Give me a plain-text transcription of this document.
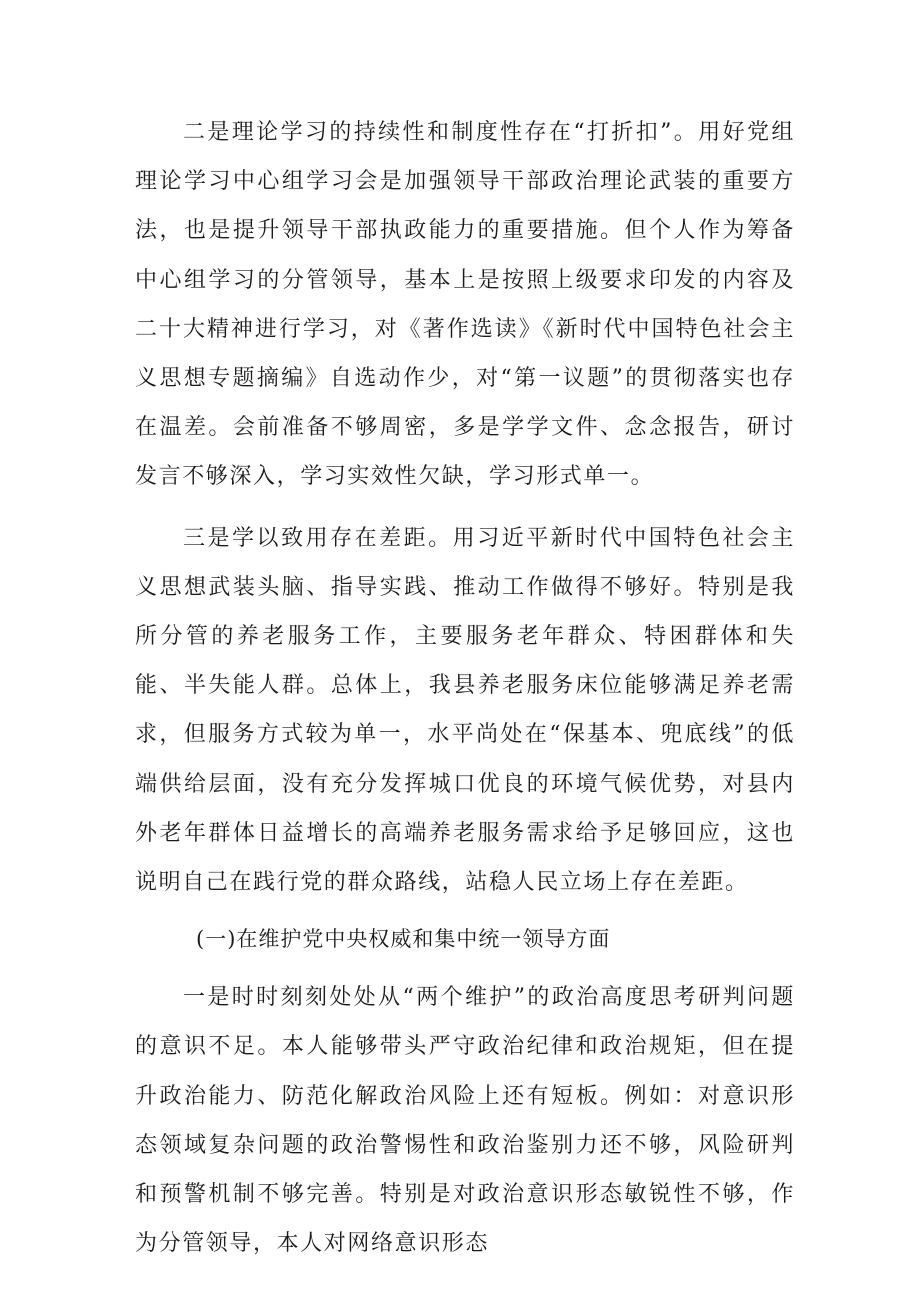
二是理论学习的持续性和制度性存在“打折扣”。用好党组理论学习中心组学习会是加强领导干部政治理论武装的重要方法，也是提升领导干部执政能力的重要措施。但个人作为筹备中心组学习的分管领导，基本上是按照上级要求印发的内容及二十大精神进行学习，对《著作选读》《新时代中国特色社会主义思想专题摘编》自选动作少，对“第一议题”的贯彻落实也存在温差。会前准备不够周密，多是学学文件、念念报告，研讨发言不够深入，学习实效性欠缺，学习形式单一。

三是学以致用存在差距。用习近平新时代中国特色社会主义思想武装头脑、指导实践、推动工作做得不够好。特别是我所分管的养老服务工作，主要服务老年群众、特困群体和失能、半失能人群。总体上，我县养老服务床位能够满足养老需求，但服务方式较为单一，水平尚处在“保基本、兜底线”的低端供给层面，没有充分发挥城口优良的环境气候优势，对县内外老年群体日益增长的高端养老服务需求给予足够回应，这也说明自己在践行党的群众路线，站稳人民立场上存在差距。

(一)在维护党中央权威和集中统一领导方面

一是时时刻刻处处从“两个维护”的政治高度思考研判问题的意识不足。本人能够带头严守政治纪律和政治规矩，但在提升政治能力、防范化解政治风险上还有短板。例如：对意识形态领域复杂问题的政治警惕性和政治鉴别力还不够，风险研判和预警机制不够完善。特别是对政治意识形态敏锐性不够，作为分管领导，本人对网络意识形态
